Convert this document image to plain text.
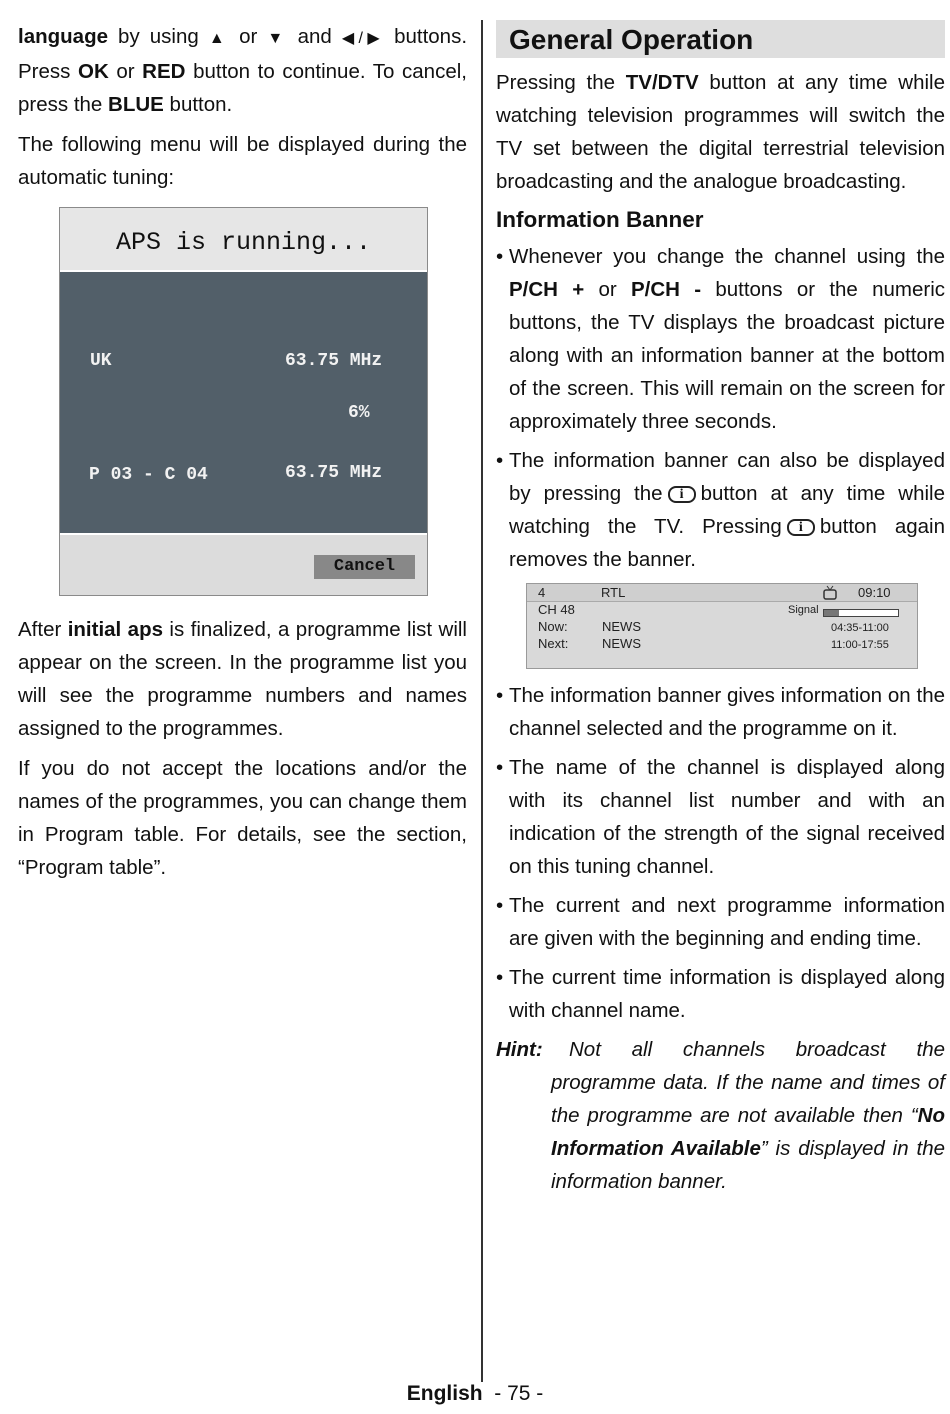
language by using ▲ or ▼ and ◀/▶ buttons. Press OK or RED button to continue. To cancel, press the BLUE button.

The following menu will be displayed during the automatic tuning:

APS is running...
UK	63.75 MHz
6%
P 03 - C 04	63.75 MHz
Cancel

After initial aps is finalized, a programme list will appear on the screen. In the programme list you will see the programme numbers and names assigned to the programmes.

If you do not accept the locations and/or the names of the programmes, you can change them in Program table. For details, see the section, “Program table”.

General Operation

Pressing the TV/DTV button at any time while watching television programmes will switch the TV set between the digital terrestrial television broadcasting and the analogue broadcasting.

Information Banner
• Whenever you change the channel using the P/CH + or P/CH - buttons or the numeric buttons, the TV displays the broadcast picture along with an information banner at the bottom of the screen. This will remain on the screen for approximately three seconds.
• The information banner can also be displayed by pressing the i button at any time while watching the TV. Pressing i button again removes the banner.
4	RTL	09:10
CH 48	Signal
Now:	NEWS	04:35-11:00
Next:	NEWS	11:00-17:55
• The information banner gives information on the channel selected and the programme on it.
• The name of the channel is displayed along with its channel list number and with an indication of the strength of the signal received on this tuning channel.
• The current and next programme information are given with the beginning and ending time.
• The current time information is displayed along with channel name.
Hint:	Not all channels broadcast the programme data. If the name and times of the programme are not available then “No Information Available” is displayed in the information banner.
English - 75 -
